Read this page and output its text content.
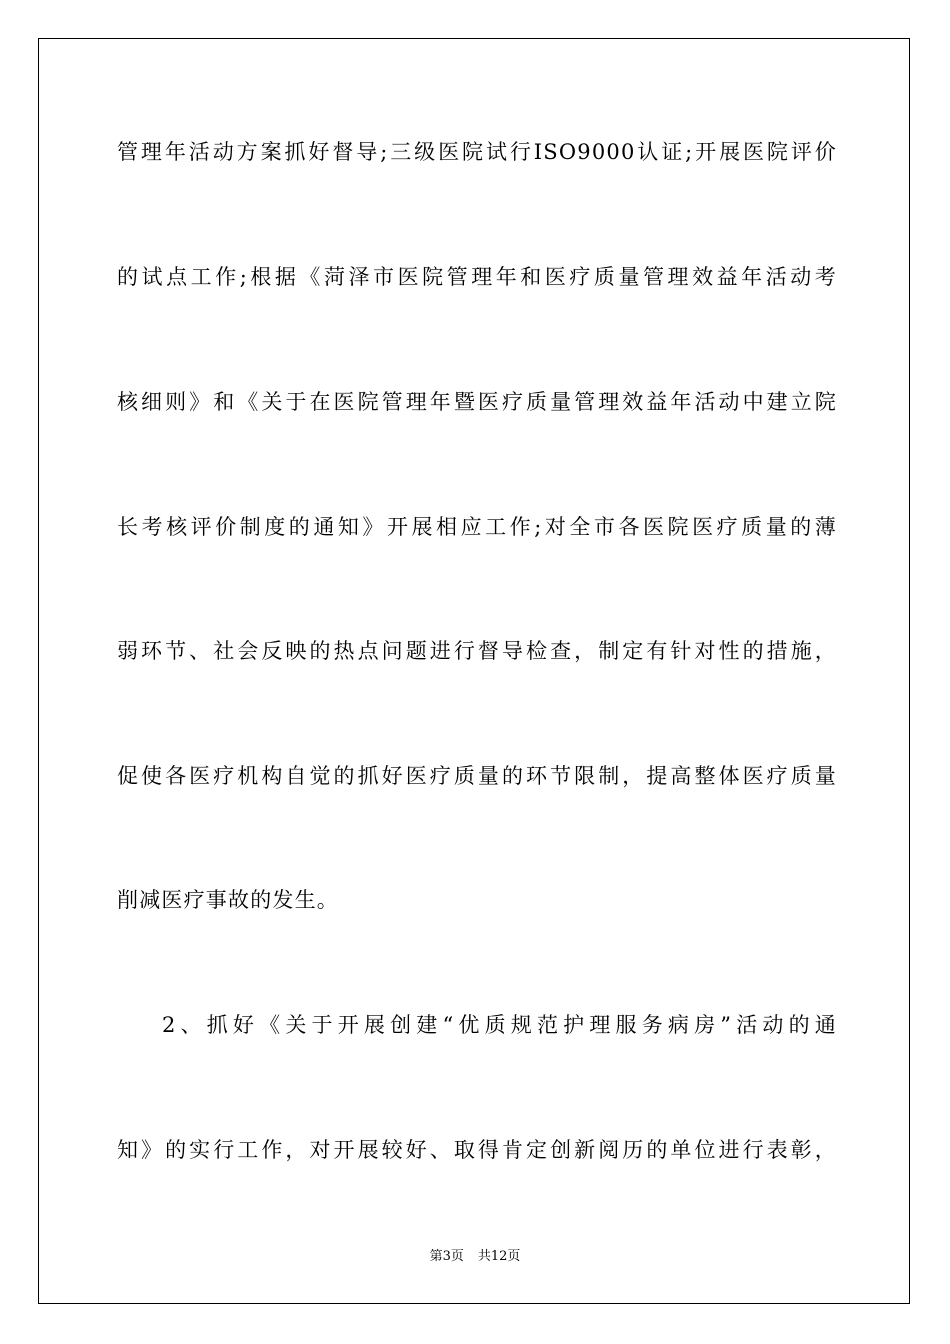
管理年活动方案抓好督导;三级医院试行ISO9000认证;开展医院评价
的试点工作;根据《菏泽市医院管理年和医疗质量管理效益年活动考
核细则》和《关于在医院管理年暨医疗质量管理效益年活动中建立院
长考核评价制度的通知》开展相应工作;对全市各医院医疗质量的薄
弱环节、社会反映的热点问题进行督导检查，制定有针对性的措施，
促使各医疗机构自觉的抓好医疗质量的环节限制，提高整体医疗质量
削减医疗事故的发生。
2、抓好《关于开展创建“优质规范护理服务病房”活动的通
知》的实行工作，对开展较好、取得肯定创新阅历的单位进行表彰，
第3页 共12页
